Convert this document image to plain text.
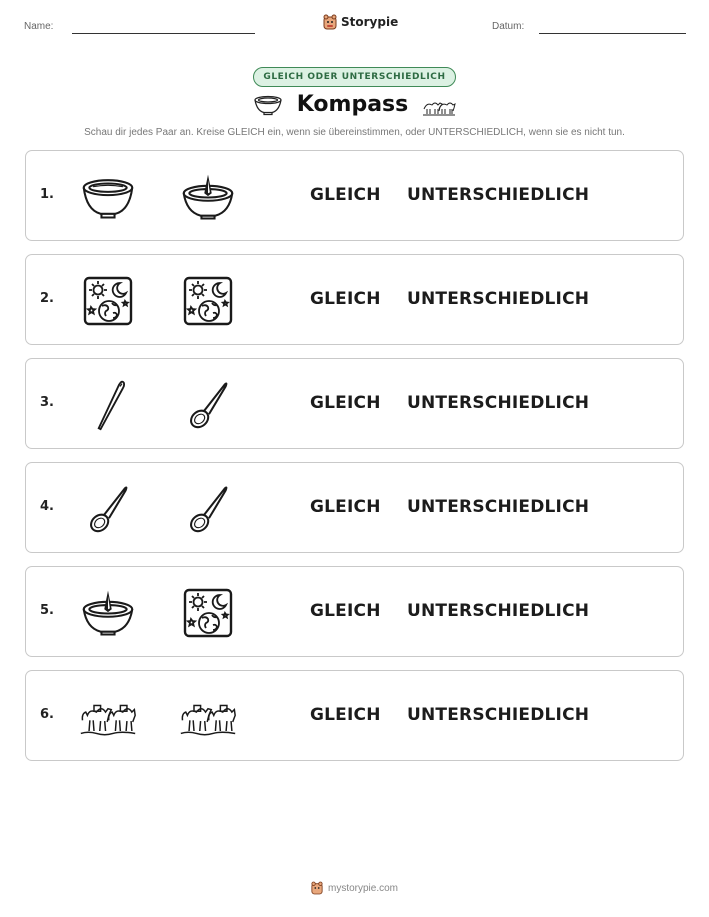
Name:	Storypie	Datum:
GLEICH ODER UNTERSCHIEDLICH
Kompass
Schau dir jedes Paar an. Kreise GLEICH ein, wenn sie übereinstimmen, oder UNTERSCHIEDLICH, wenn sie es nicht tun.
1.	GLEICH UNTERSCHIEDLICH
2.	GLEICH UNTERSCHIEDLICH
3.	GLEICH UNTERSCHIEDLICH
4.	GLEICH UNTERSCHIEDLICH
5.	GLEICH UNTERSCHIEDLICH
6.	GLEICH UNTERSCHIEDLICH
mystorypie.com
